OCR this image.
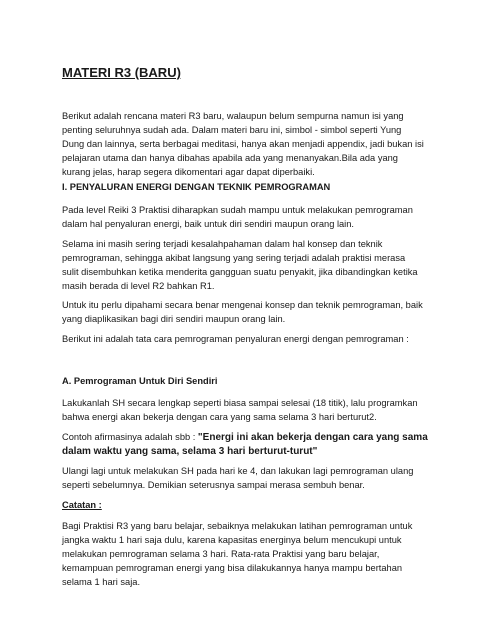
MATERI R3 (BARU)

Berikut adalah rencana materi R3 baru, walaupun belum sempurna namun isi yang
penting seluruhnya sudah ada. Dalam materi baru ini, simbol - simbol seperti Yung
Dung dan lainnya, serta berbagai meditasi, hanya akan menjadi appendix, jadi bukan isi
pelajaran utama dan hanya dibahas apabila ada yang menanyakan.Bila ada yang
kurang jelas, harap segera dikomentari agar dapat diperbaiki.

I. PENYALURAN ENERGI DENGAN TEKNIK PEMROGRAMAN

Pada level Reiki 3 Praktisi diharapkan sudah mampu untuk melakukan pemrograman
dalam hal penyaluran energi, baik untuk diri sendiri maupun orang lain.

Selama ini masih sering terjadi kesalahpahaman dalam hal konsep dan teknik
pemrograman, sehingga akibat langsung yang sering terjadi adalah praktisi merasa
sulit disembuhkan ketika menderita gangguan suatu penyakit, jika dibandingkan ketika
masih berada di level R2 bahkan R1.

Untuk itu perlu dipahami secara benar mengenai konsep dan teknik pemrograman, baik
yang diaplikasikan bagi diri sendiri maupun orang lain.

Berikut ini adalah tata cara pemrograman penyaluran energi dengan pemrograman :

A. Pemrograman Untuk Diri Sendiri

Lakukanlah SH secara lengkap seperti biasa sampai selesai (18 titik), lalu programkan
bahwa energi akan bekerja dengan cara yang sama selama 3 hari berturut2.

Contoh afirmasinya adalah sbb : "Energi ini akan bekerja dengan cara yang sama
dalam waktu yang sama, selama 3 hari berturut-turut"

Ulangi lagi untuk melakukan SH pada hari ke 4, dan lakukan lagi pemrograman ulang
seperti sebelumnya. Demikian seterusnya sampai merasa sembuh benar.

Catatan :

Bagi Praktisi R3 yang baru belajar, sebaiknya melakukan latihan pemrograman untuk
jangka waktu 1 hari saja dulu, karena kapasitas energinya belum mencukupi untuk
melakukan pemrograman selama 3 hari. Rata-rata Praktisi yang baru belajar,
kemampuan pemrograman energi yang bisa dilakukannya hanya mampu bertahan
selama 1 hari saja.
